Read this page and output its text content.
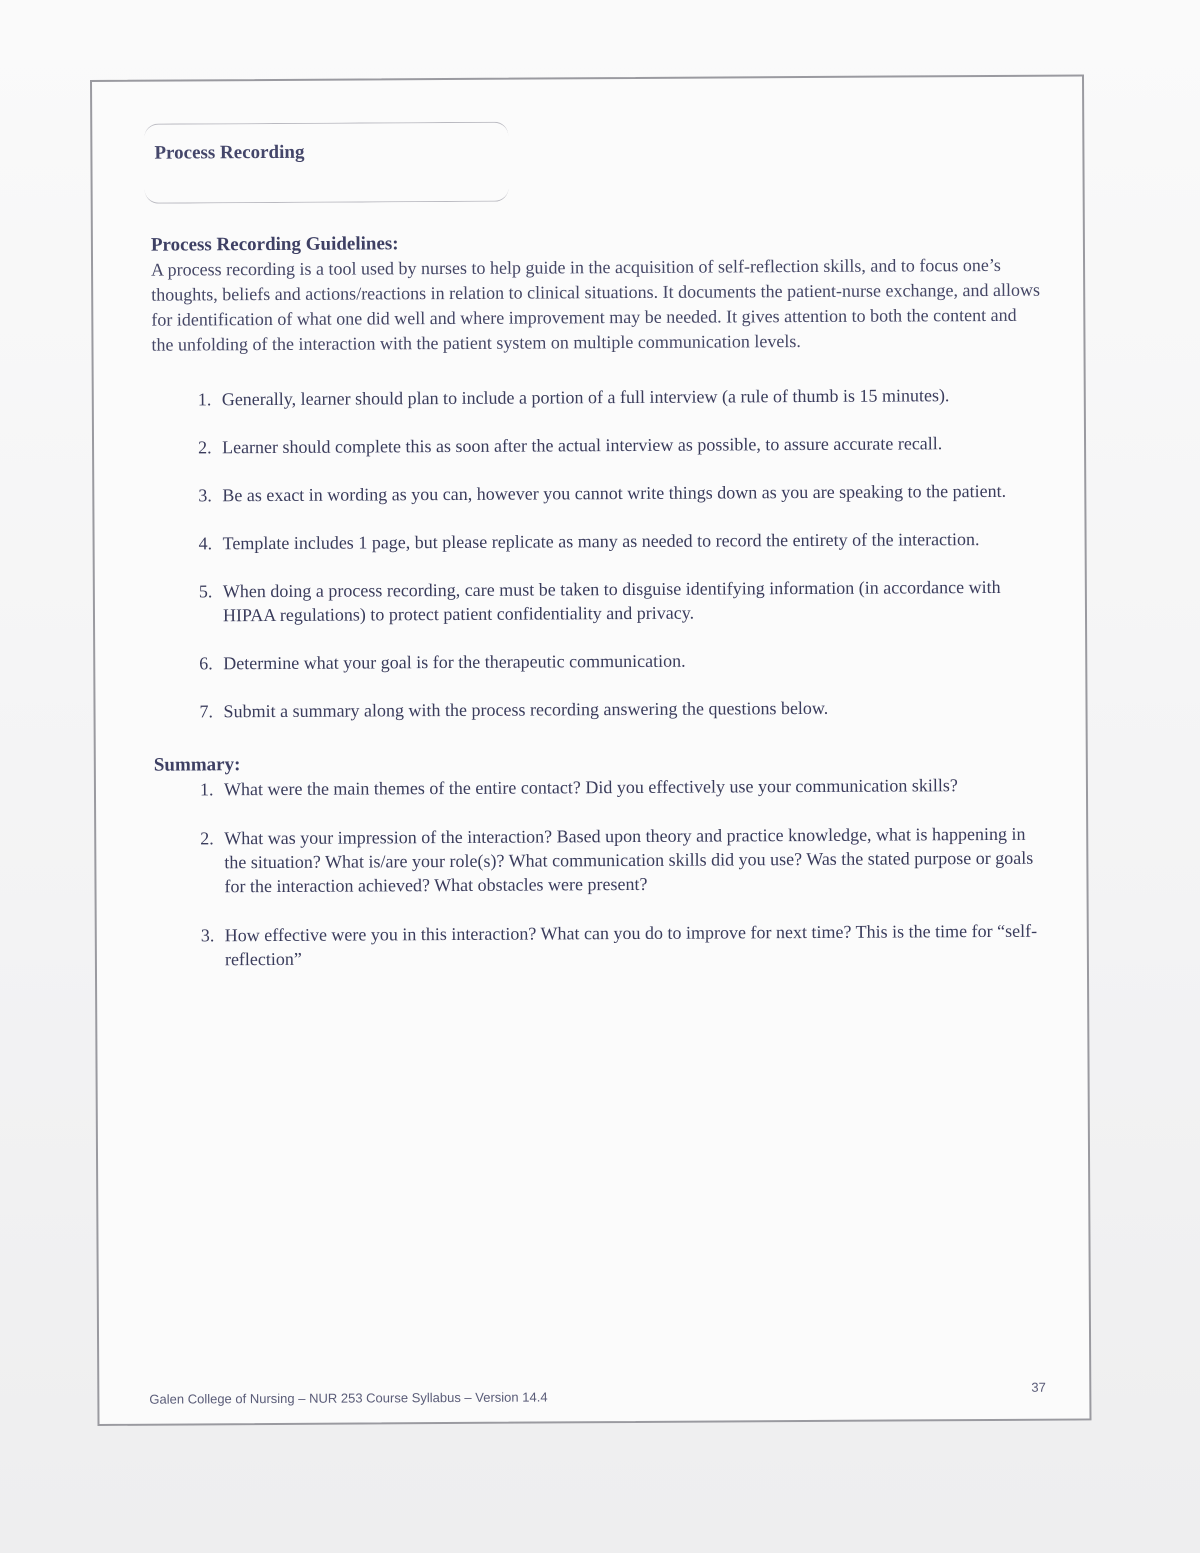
Process Recording
Process Recording Guidelines:

A process recording is a tool used by nurses to help guide in the acquisition of self-reflection skills, and to focus one’s thoughts, beliefs and actions/reactions in relation to clinical situations. It documents the patient-nurse exchange, and allows for identification of what one did well and where improvement may be needed. It gives attention to both the content and the unfolding of the interaction with the patient system on multiple communication levels.

1. Generally, learner should plan to include a portion of a full interview (a rule of thumb is 15 minutes).
2. Learner should complete this as soon after the actual interview as possible, to assure accurate recall.
3. Be as exact in wording as you can, however you cannot write things down as you are speaking to the patient.
4. Template includes 1 page, but please replicate as many as needed to record the entirety of the interaction.
5. When doing a process recording, care must be taken to disguise identifying information (in accordance with HIPAA regulations) to protect patient confidentiality and privacy.
6. Determine what your goal is for the therapeutic communication.
7. Submit a summary along with the process recording answering the questions below.
Summary:
1. What were the main themes of the entire contact? Did you effectively use your communication skills?
2. What was your impression of the interaction? Based upon theory and practice knowledge, what is happening in the situation? What is/are your role(s)? What communication skills did you use? Was the stated purpose or goals for the interaction achieved? What obstacles were present?
3. How effective were you in this interaction? What can you do to improve for next time? This is the time for “self-reflection”
Galen College of Nursing – NUR 253 Course Syllabus – Version 14.4
37
